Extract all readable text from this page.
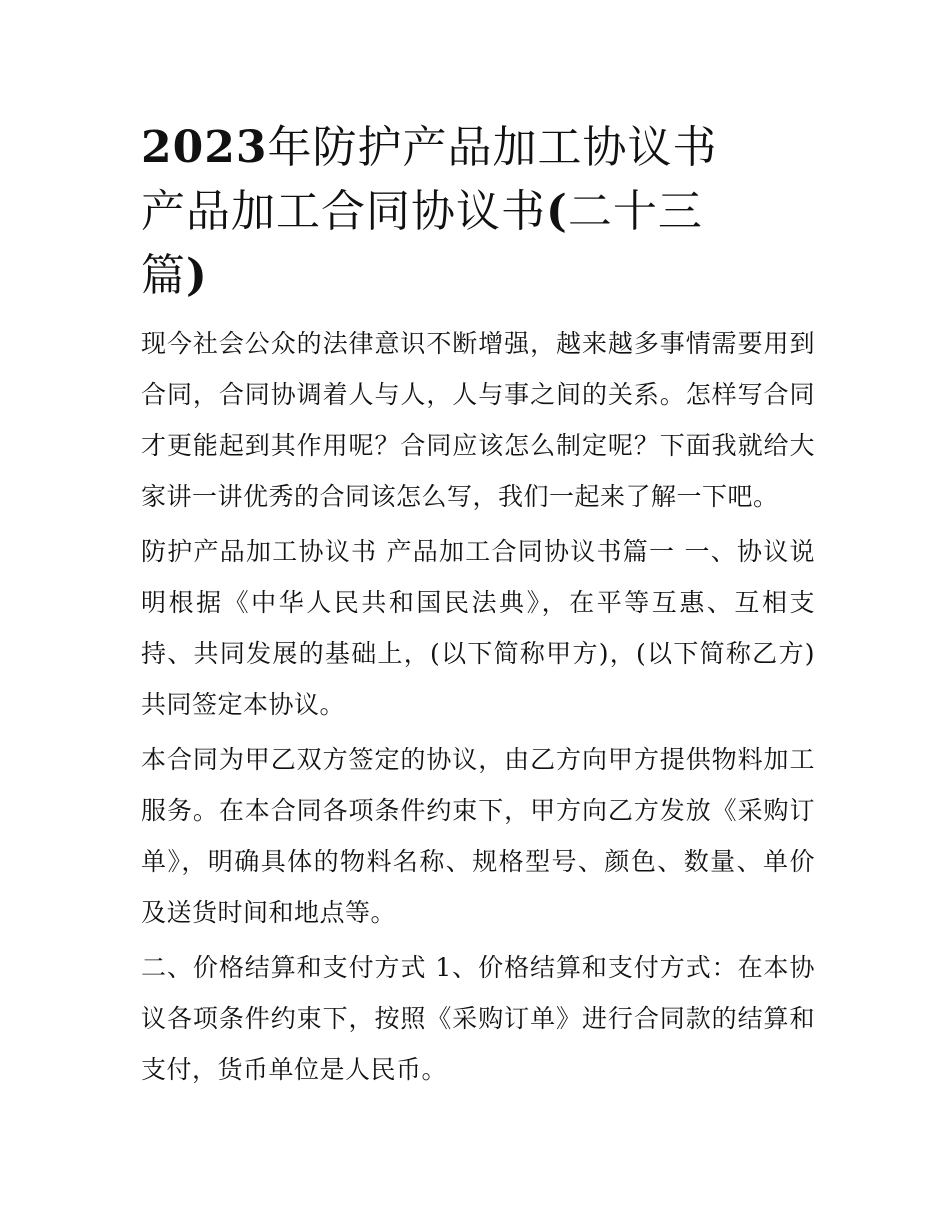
2023年防护产品加工协议书
产品加工合同协议书(二十三
篇)

现今社会公众的法律意识不断增强，越来越多事情需要用到合同，合同协调着人与人，人与事之间的关系。怎样写合同才更能起到其作用呢？合同应该怎么制定呢？下面我就给大家讲一讲优秀的合同该怎么写，我们一起来了解一下吧。

防护产品加工协议书 产品加工合同协议书篇一 一、协议说明根据《中华人民共和国民法典》，在平等互惠、互相支持、共同发展的基础上，(以下简称甲方)，(以下简称乙方)共同签定本协议。

本合同为甲乙双方签定的协议，由乙方向甲方提供物料加工服务。在本合同各项条件约束下，甲方向乙方发放《采购订单》，明确具体的物料名称、规格型号、颜色、数量、单价及送货时间和地点等。

二、价格结算和支付方式 1、价格结算和支付方式：在本协议各项条件约束下，按照《采购订单》进行合同款的结算和支付，货币单位是人民币。
